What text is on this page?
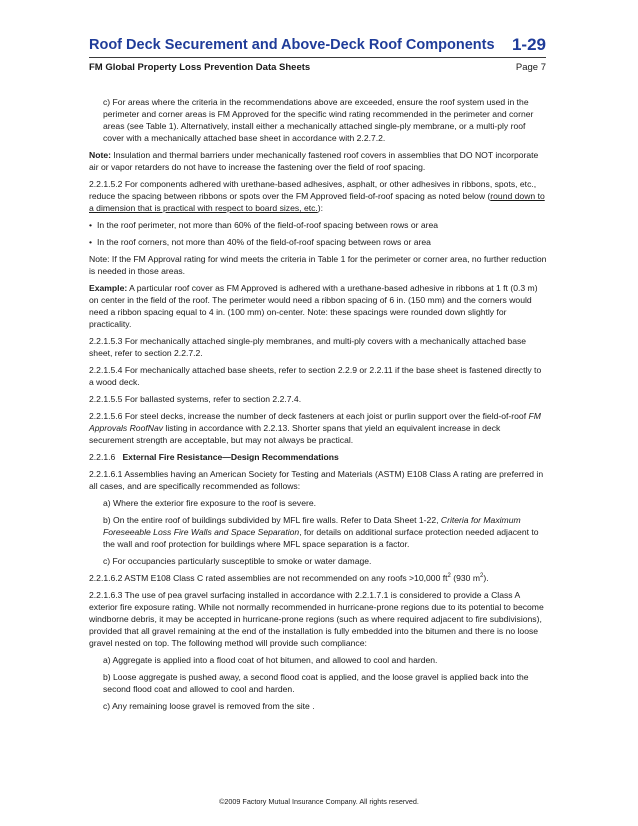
Roof Deck Securement and Above-Deck Roof Components 1-29
FM Global Property Loss Prevention Data Sheets	Page 7

c) For areas where the criteria in the recommendations above are exceeded, ensure the roof system used in the perimeter and corner areas is FM Approved for the specific wind rating recommended in the perimeter and corner areas (see Table 1). Alternatively, install either a mechanically attached single-ply membrane, or a multi-ply roof cover with a mechanically attached base sheet in accordance with 2.2.7.2.

Note: Insulation and thermal barriers under mechanically fastened roof covers in assemblies that DO NOT incorporate air or vapor retarders do not have to increase the fastening over the field of roof spacing.

2.2.1.5.2 For components adhered with urethane-based adhesives, asphalt, or other adhesives in ribbons, spots, etc., reduce the spacing between ribbons or spots over the FM Approved field-of-roof spacing as noted below (round down to a dimension that is practical with respect to board sizes, etc.):

• In the roof perimeter, not more than 60% of the field-of-roof spacing between rows or area

• In the roof corners, not more than 40% of the field-of-roof spacing between rows or area

Note: If the FM Approval rating for wind meets the criteria in Table 1 for the perimeter or corner area, no further reduction is needed in those areas.

Example: A particular roof cover as FM Approved is adhered with a urethane-based adhesive in ribbons at 1 ft (0.3 m) on center in the field of the roof. The perimeter would need a ribbon spacing of 6 in. (150 mm) and the corners would need a ribbon spacing equal to 4 in. (100 mm) on-center. Note: these spacings were rounded down slightly for practicality.

2.2.1.5.3 For mechanically attached single-ply membranes, and multi-ply covers with a mechanically attached base sheet, refer to section 2.2.7.2.

2.2.1.5.4 For mechanically attached base sheets, refer to section 2.2.9 or 2.2.11 if the base sheet is fastened directly to a wood deck.

2.2.1.5.5 For ballasted systems, refer to section 2.2.7.4.

2.2.1.5.6 For steel decks, increase the number of deck fasteners at each joist or purlin support over the field-of-roof FM Approvals RoofNav listing in accordance with 2.2.13. Shorter spans that yield an equivalent increase in deck securement strength are acceptable, but may not always be practical.

2.2.1.6 External Fire Resistance—Design Recommendations

2.2.1.6.1 Assemblies having an American Society for Testing and Materials (ASTM) E108 Class A rating are preferred in all cases, and are specifically recommended as follows:

a) Where the exterior fire exposure to the roof is severe.

b) On the entire roof of buildings subdivided by MFL fire walls. Refer to Data Sheet 1-22, Criteria for Maximum Foreseeable Loss Fire Walls and Space Separation, for details on additional surface protection needed adjacent to the wall and roof protection for buildings where MFL space separation is a factor.

c) For occupancies particularly susceptible to smoke or water damage.

2.2.1.6.2 ASTM E108 Class C rated assemblies are not recommended on any roofs >10,000 $ft^2$ (930 $m^2$).

2.2.1.6.3 The use of pea gravel surfacing installed in accordance with 2.2.1.7.1 is considered to provide a Class A exterior fire exposure rating. While not normally recommended in hurricane-prone regions due to its potential to become windborne debris, it may be accepted in hurricane-prone regions (such as where required adjacent to fire subdivisions), provided that all gravel remaining at the end of the installation is fully embedded into the bitumen and there is no loose gravel nested on top. The following method will provide such compliance:

a) Aggregate is applied into a flood coat of hot bitumen, and allowed to cool and harden.

b) Loose aggregate is pushed away, a second flood coat is applied, and the loose gravel is applied back into the second flood coat and allowed to cool and harden.

c) Any remaining loose gravel is removed from the site .

©2009 Factory Mutual Insurance Company. All rights reserved.
